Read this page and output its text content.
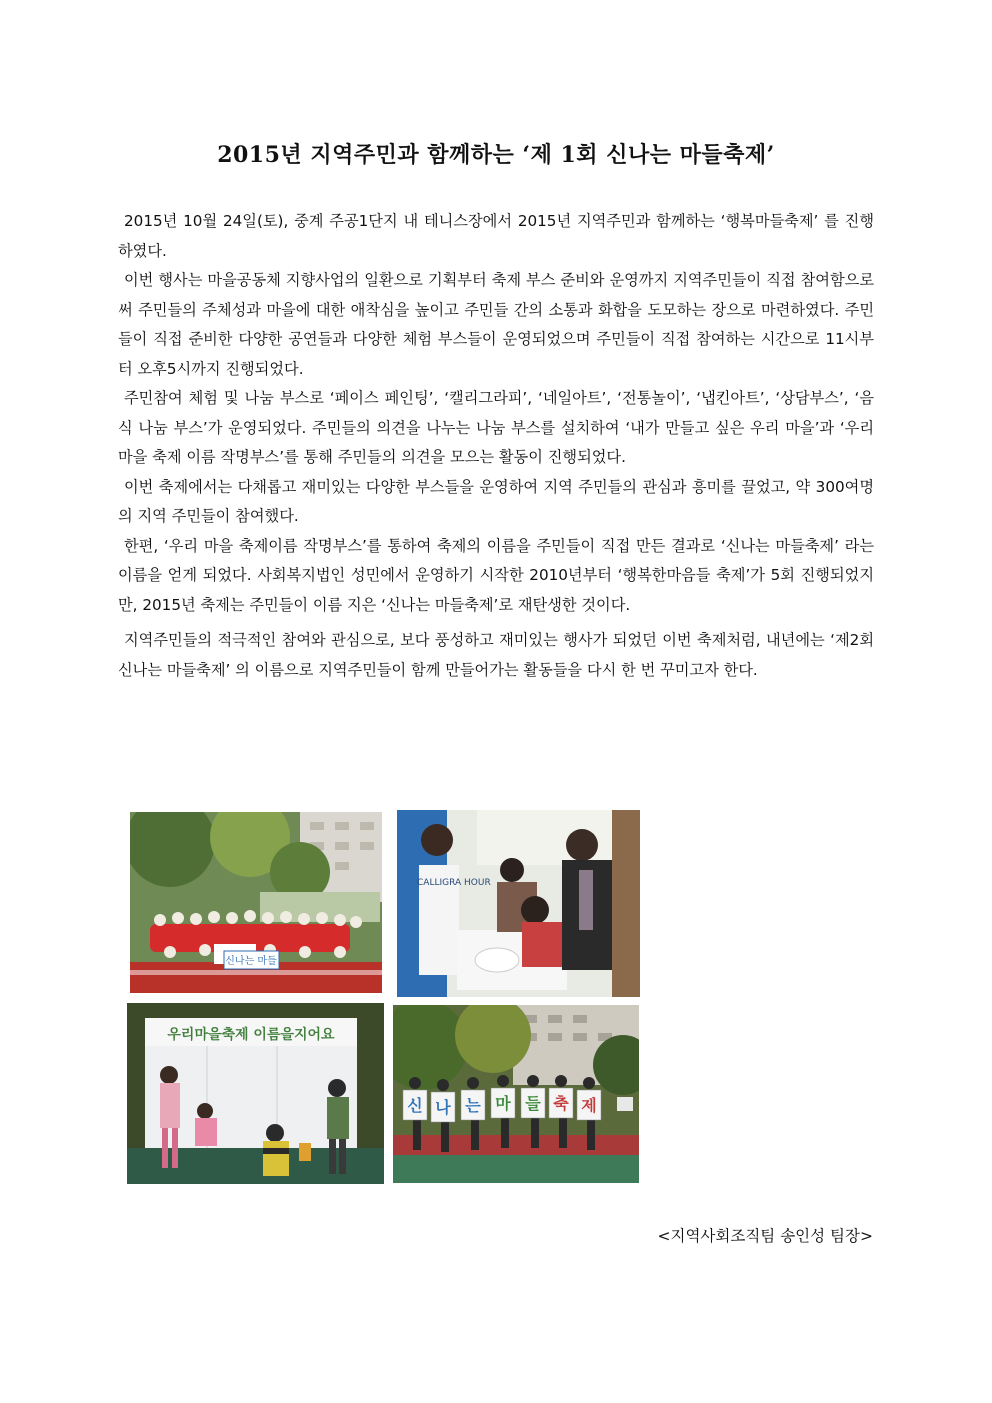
2015년 지역주민과 함께하는 ‘제 1회 신나는 마들축제’

2015년 10월 24일(토), 중계 주공1단지 내 테니스장에서 2015년 지역주민과 함께하는 ‘행복마들축제’ 를 진행하였다.

이번 행사는 마을공동체 지향사업의 일환으로 기획부터 축제 부스 준비와 운영까지 지역주민들이 직접 참여함으로써 주민들의 주체성과 마을에 대한 애착심을 높이고 주민들 간의 소통과 화합을 도모하는 장으로 마련하였다. 주민들이 직접 준비한 다양한 공연들과 다양한 체험 부스들이 운영되었으며 주민들이 직접 참여하는 시간으로 11시부터 오후5시까지 진행되었다.

주민참여 체험 및 나눔 부스로 ‘페이스 페인팅’, ‘캘리그라피’, ‘네일아트’, ‘전통놀이’, ‘냅킨아트’, ‘상담부스’, ‘음식 나눔 부스’가 운영되었다. 주민들의 의견을 나누는 나눔 부스를 설치하여 ‘내가 만들고 싶은 우리 마을’과 ‘우리 마을 축제 이름 작명부스’를 통해 주민들의 의견을 모으는 활동이 진행되었다.

이번 축제에서는 다채롭고 재미있는 다양한 부스들을 운영하여 지역 주민들의 관심과 흥미를 끌었고, 약 300여명의 지역 주민들이 참여했다.

한편, ‘우리 마을 축제이름 작명부스’를 통하여 축제의 이름을 주민들이 직접 만든 결과로 ‘신나는 마들축제’ 라는 이름을 얻게 되었다. 사회복지법인 성민에서 운영하기 시작한 2010년부터 ‘행복한마음들 축제’가 5회 진행되었지만, 2015년 축제는 주민들이 이름 지은 ‘신나는 마들축제’로 재탄생한 것이다.

지역주민들의 적극적인 참여와 관심으로, 보다 풍성하고 재미있는 행사가 되었던 이번 축제처럼, 내년에는 ‘제2회 신나는 마들축제’ 의 이름으로 지역주민들이 함께 만들어가는 활동들을 다시 한 번 꾸미고자 한다.

신나는 마들
CALLIGRA HOUR
우리마을축제 이름을지어요
신 나 는 마 들 축 제
<지역사회조직팀 송인성 팀장>
